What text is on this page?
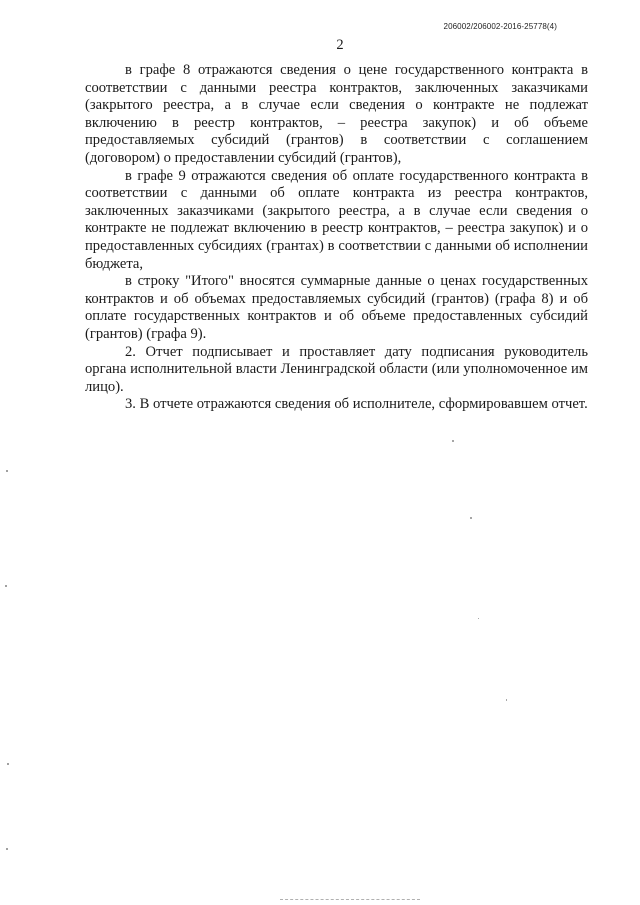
206002/206002-2016-25778(4)
2

в графе 8 отражаются сведения о цене государственного контракта в соответствии с данными реестра контрактов, заключенных заказчиками (закрытого реестра, а в случае если сведения о контракте не подлежат включению в реестр контрактов, – реестра закупок) и об объеме предоставляемых субсидий (грантов) в соответствии с соглашением (договором) о предоставлении субсидий (грантов),

в графе 9 отражаются сведения об оплате государственного контракта в соответствии с данными об оплате контракта из реестра контрактов, заключенных заказчиками (закрытого реестра, а в случае если сведения о контракте не подлежат включению в реестр контрактов, – реестра закупок) и о предоставленных субсидиях (грантах) в соответствии с данными об исполнении бюджета,

в строку "Итого" вносятся суммарные данные о ценах государственных контрактов и об объемах предоставляемых субсидий (грантов) (графа 8) и об оплате государственных контрактов и об объеме предоставленных субсидий (грантов) (графа 9).

2. Отчет подписывает и проставляет дату подписания руководитель органа исполнительной власти Ленинградской области (или уполномоченное им лицо).

3. В отчете отражаются сведения об исполнителе, сформировавшем отчет.
